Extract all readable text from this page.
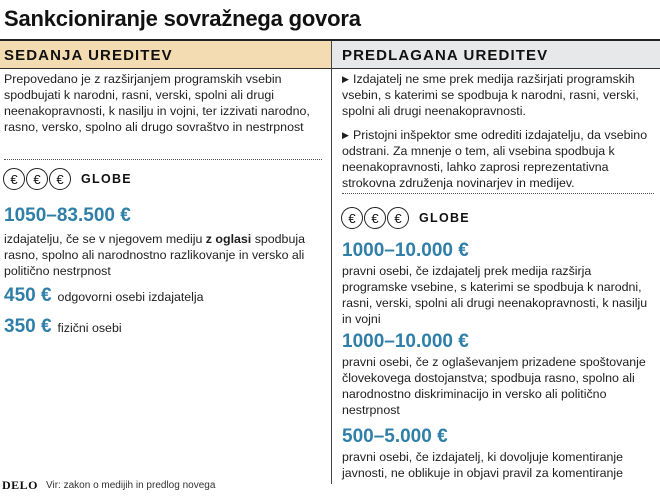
Sankcioniranje sovražnega govora
SEDANJA UREDITEV
Prepovedano je z razširjanjem programskih vsebin spodbujati k narodni, rasni, verski, spolni ali drugi neenakopravnosti, k nasilju in vojni, ter izzivati narodno, rasno, versko, spolno ali drugo sovraštvo in nestrpnost
€	€	€	GLOBE
1050–83.500 €
izdajatelju, če se v njegovem mediju z oglasi spodbuja rasno, spolno ali narodnostno razlikovanje in versko ali politično nestrpnost
450 € odgovorni osebi izdajatelja
350 € fizični osebi
PREDLAGANA UREDITEV
▶ Izdajatelj ne sme prek medija razširjati programskih vsebin, s katerimi se spodbuja k narodni, rasni, verski, spolni ali drugi neenakopravnosti.
▶ Pristojni inšpektor sme odrediti izdajatelju, da vsebino odstrani. Za mnenje o tem, ali vsebina spodbuja k neenakopravnosti, lahko zaprosi reprezentativna strokovna združenja novinarjev in medijev.
€	€	€	GLOBE
1000–10.000 €
pravni osebi, če izdajatelj prek medija razširja programske vsebine, s katerimi se spodbuja k narodni, rasni, verski, spolni ali drugi neenakopravnosti, k nasilju in vojni
1000–10.000 €
pravni osebi, če z oglaševanjem prizadene spoštovanje človekovega dostojanstva; spodbuja rasno, spolno ali narodnostno diskriminacijo in versko ali politično nestrpnost
500–5.000 €
pravni osebi, če izdajatelj, ki dovoljuje komentiranje javnosti, ne oblikuje in objavi pravil za komentiranje
DELO Vir: zakon o medijih in predlog novega
